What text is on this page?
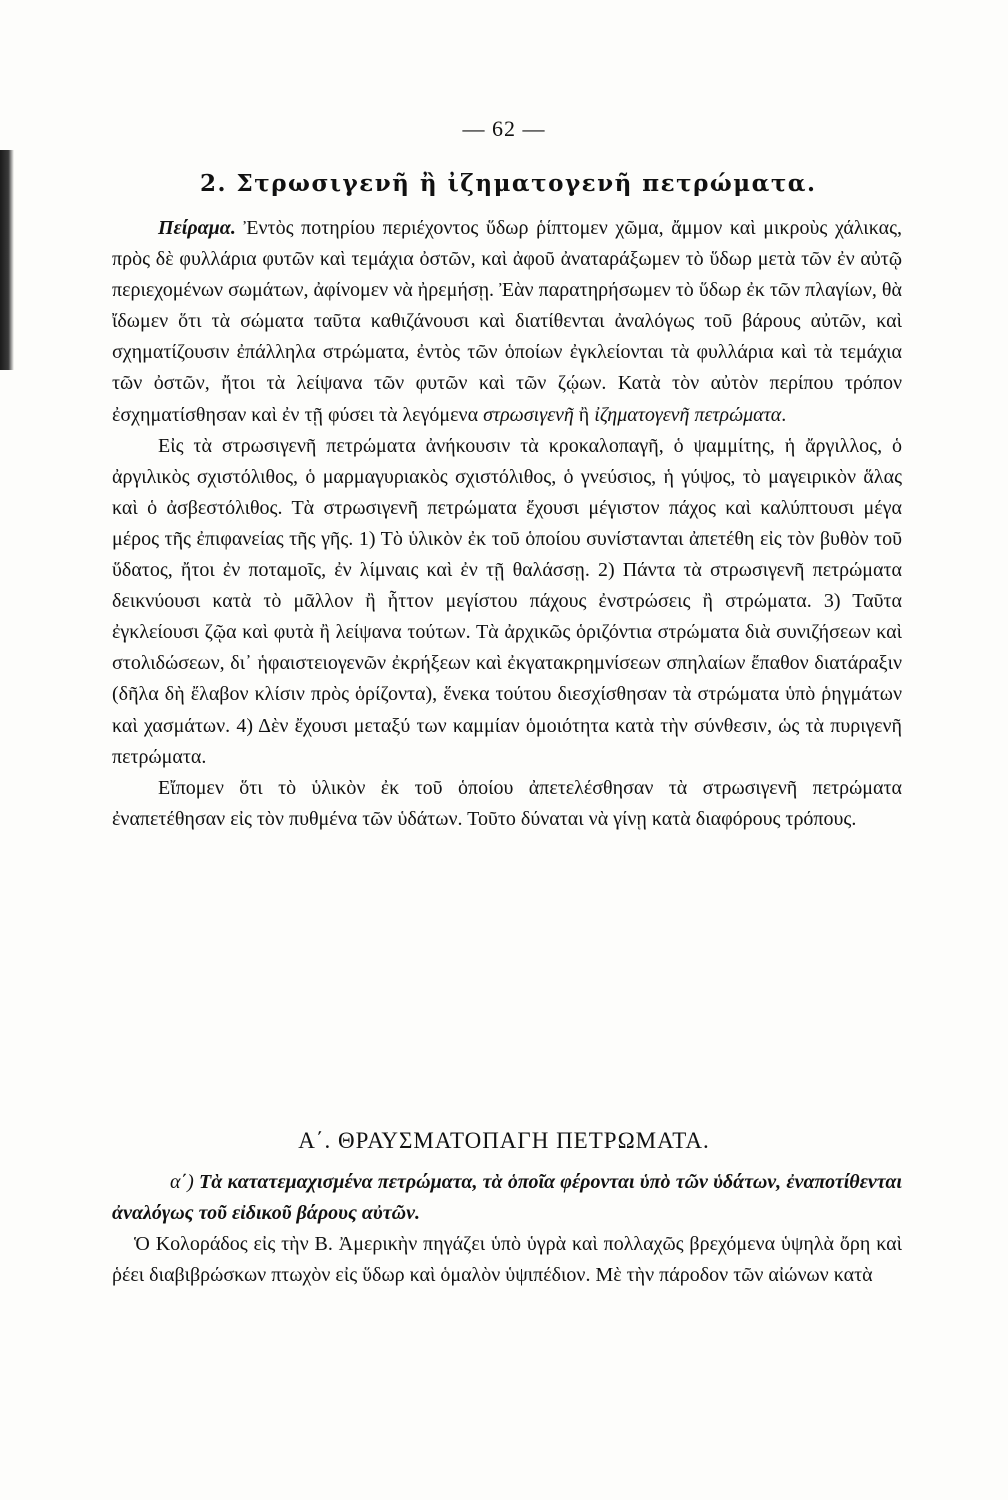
— 62 —
2. Στρωσιγενῆ ἢ ἰζηματογενῆ πετρώματα.

Πείραμα. Ἐντὸς ποτηρίου περιέχοντος ὕδωρ ῥίπτομεν χῶμα, ἄμμον καὶ μικροὺς χάλικας, πρὸς δὲ φυλλάρια φυτῶν καὶ τεμάχια ὀστῶν, καὶ ἀφοῦ ἀναταράξωμεν τὸ ὕδωρ μετὰ τῶν ἐν αὐτῷ περιεχομένων σωμάτων, ἀφίνομεν νὰ ἠρεμήσῃ. Ἐὰν παρατηρήσωμεν τὸ ὕδωρ ἐκ τῶν πλαγίων, θὰ ἴδωμεν ὅτι τὰ σώματα ταῦτα καθιζάνουσι καὶ διατίθενται ἀναλόγως τοῦ βάρους αὐτῶν, καὶ σχηματίζουσιν ἐπάλληλα στρώματα, ἐντὸς τῶν ὁποίων ἐγκλείονται τὰ φυλλάρια καὶ τὰ τεμάχια τῶν ὀστῶν, ἤτοι τὰ λείψανα τῶν φυτῶν καὶ τῶν ζῴων. Κατὰ τὸν αὐτὸν περίπου τρόπον ἐσχηματίσθησαν καὶ ἐν τῇ φύσει τὰ λεγόμενα στρωσιγενῆ ἢ ἰζηματογενῆ πετρώματα.

Εἰς τὰ στρωσιγενῆ πετρώματα ἀνήκουσιν τὰ κροκαλοπαγῆ, ὁ ψαμμίτης, ἡ ἄργιλλος, ὁ ἀργιλικὸς σχιστόλιθος, ὁ μαρμαγυριακὸς σχιστόλιθος, ὁ γνεύσιος, ἡ γύψος, τὸ μαγειρικὸν ἅλας καὶ ὁ ἀσβεστόλιθος. Τὰ στρωσιγενῆ πετρώματα ἔχουσι μέγιστον πάχος καὶ καλύπτουσι μέγα μέρος τῆς ἐπιφανείας τῆς γῆς. 1) Τὸ ὑλικὸν ἐκ τοῦ ὁποίου συνίστανται ἀπετέθη εἰς τὸν βυθὸν τοῦ ὕδατος, ἤτοι ἐν ποταμοῖς, ἐν λίμναις καὶ ἐν τῇ θαλάσσῃ. 2) Πάντα τὰ στρωσιγενῆ πετρώματα δεικνύουσι κατὰ τὸ μᾶλλον ἢ ἧττον μεγίστου πάχους ἐνστρώσεις ἢ στρώματα. 3) Ταῦτα ἐγκλείουσι ζῷα καὶ φυτὰ ἢ λείψανα τούτων. Τὰ ἀρχικῶς ὁριζόντια στρώματα διὰ συνιζήσεων καὶ στολιδώσεων, δι᾿ ἡφαιστειογενῶν ἐκρήξεων καὶ ἐκγατακρημνίσεων σπηλαίων ἔπαθον διατάραξιν (δῆλα δὴ ἔλαβον κλίσιν πρὸς ὁρίζοντα), ἕνεκα τούτου διεσχίσθησαν τὰ στρώματα ὑπὸ ῥηγμάτων καὶ χασμάτων. 4) Δὲν ἔχουσι μεταξύ των καμμίαν ὁμοιότητα κατὰ τὴν σύνθεσιν, ὡς τὰ πυριγενῆ πετρώματα.

Εἴπομεν ὅτι τὸ ὑλικὸν ἐκ τοῦ ὁποίου ἀπετελέσθησαν τὰ στρωσιγενῆ πετρώματα ἐναπετέθησαν εἰς τὸν πυθμένα τῶν ὑδάτων. Τοῦτο δύναται νὰ γίνῃ κατὰ διαφόρους τρόπους.

Α΄. ΘΡΑΥΣΜΑΤΟΠΑΓΗ ΠΕΤΡΩΜΑΤΑ.

α΄) Τὰ κατατεμαχισμένα πετρώματα, τὰ ὁποῖα φέρονται ὑπὸ τῶν ὑδάτων, ἐναποτίθενται ἀναλόγως τοῦ εἰδικοῦ βάρους αὐτῶν.

Ὁ Κολοράδος εἰς τὴν Β. Ἀμερικὴν πηγάζει ὑπὸ ὑγρὰ καὶ πολλαχῶς βρεχόμενα ὑψηλὰ ὄρη καὶ ῥέει διαβιβρώσκων πτωχὸν εἰς ὕδωρ καὶ ὁμαλὸν ὑψιπέδιον. Μὲ τὴν πάροδον τῶν αἰώνων κατὰ
